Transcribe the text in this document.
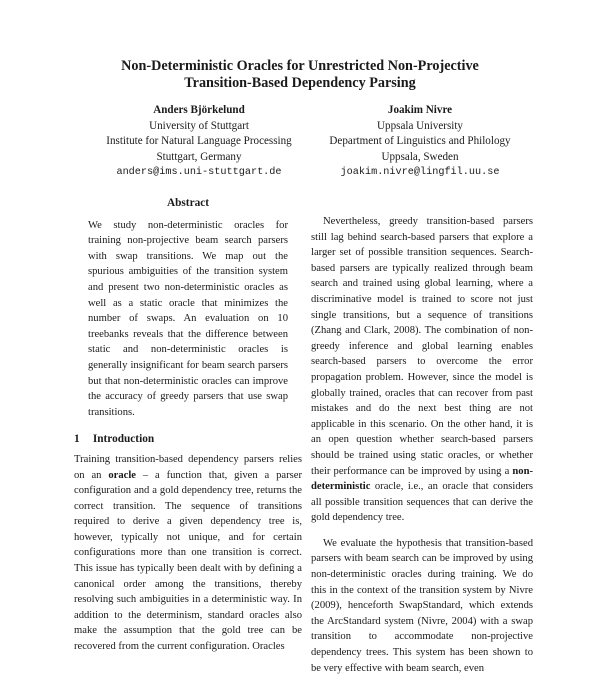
Non-Deterministic Oracles for Unrestricted Non-Projective
Transition-Based Dependency Parsing
Anders Björkelund
University of Stuttgart
Institute for Natural Language Processing
Stuttgart, Germany
anders@ims.uni-stuttgart.de
Joakim Nivre
Uppsala University
Department of Linguistics and Philology
Uppsala, Sweden
joakim.nivre@lingfil.uu.se
Abstract

We study non-deterministic oracles for training non-projective beam search parsers with swap transitions. We map out the spurious ambiguities of the transition system and present two non-deterministic oracles as well as a static oracle that minimizes the number of swaps. An evaluation on 10 treebanks reveals that the difference between static and non-deterministic oracles is generally insignificant for beam search parsers but that non-deterministic oracles can improve the accuracy of greedy parsers that use swap transitions.

1 Introduction

Training transition-based dependency parsers relies on an oracle – a function that, given a parser configuration and a gold dependency tree, returns the correct transition. The sequence of transitions required to derive a given dependency tree is, however, typically not unique, and for certain configurations more than one transition is correct. This issue has typically been dealt with by defining a canonical order among the transitions, thereby resolving such ambiguities in a deterministic way. In addition to the determinism, standard oracles also make the assumption that the gold tree can be recovered from the current configuration. Oracles

Nevertheless, greedy transition-based parsers still lag behind search-based parsers that explore a larger set of possible transition sequences. Search-based parsers are typically realized through beam search and trained using global learning, where a discriminative model is trained to score not just single transitions, but a sequence of transitions (Zhang and Clark, 2008). The combination of non-greedy inference and global learning enables search-based parsers to overcome the error propagation problem. However, since the model is globally trained, oracles that can recover from past mistakes and do the next best thing are not applicable in this scenario. On the other hand, it is an open question whether search-based parsers should be trained using static oracles, or whether their performance can be improved by using a non-deterministic oracle, i.e., an oracle that considers all possible transition sequences that can derive the gold dependency tree.

We evaluate the hypothesis that transition-based parsers with beam search can be improved by using non-deterministic oracles during training. We do this in the context of the transition system by Nivre (2009), henceforth SwapStandard, which extends the ArcStandard system (Nivre, 2004) with a swap transition to accommodate non-projective dependency trees. This system has been shown to be very effective with beam search, even
